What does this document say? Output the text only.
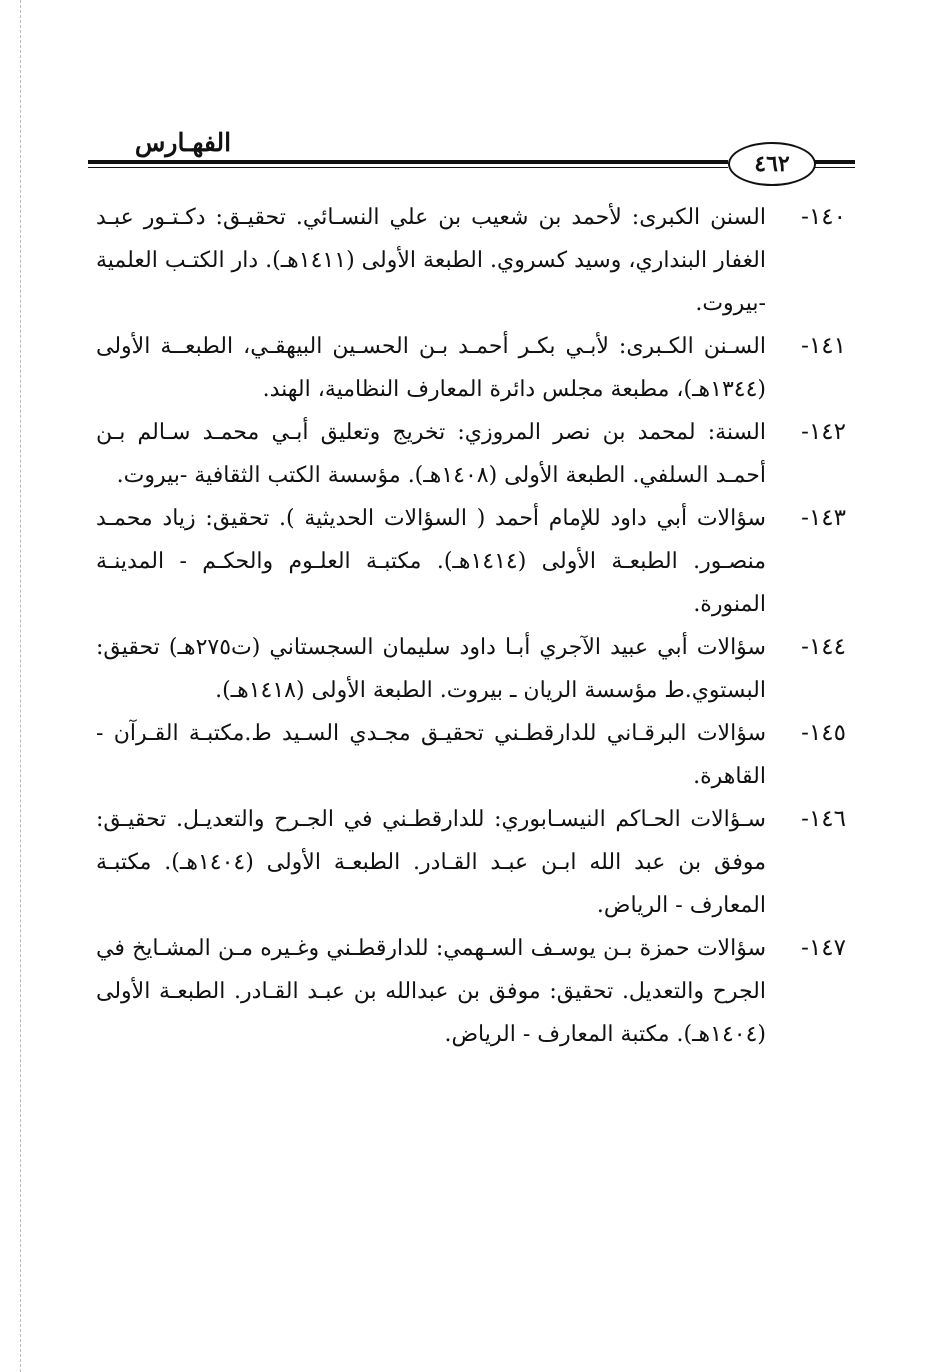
الفهـارس
٤٦٢
١٤٠-
السنن الكبرى: لأحمد بن شعيب بن علي النسـائي. تحقيـق: دكـتـور عبـد الغفار البنداري، وسيد كسروي. الطبعة الأولى (١٤١١هـ). دار الكتـب العلمية -بيروت.
١٤١-
السـنن الكـبرى: لأبـي بكـر أحمـد بـن الحسـين البيهقـي، الطبعــة الأولى (١٣٤٤هـ)، مطبعة مجلس دائرة المعارف النظامية، الهند.
١٤٢-
السنة: لمحمد بن نصر المروزي: تخريج وتعليق أبـي محمـد سـالم بـن أحمـد السلفي. الطبعة الأولى (١٤٠٨هـ). مؤسسة الكتب الثقافية -بيروت.
١٤٣-
سؤالات أبي داود للإمام أحمد ( السؤالات الحديثية ). تحقيق: زياد محمـد منصـور. الطبعـة الأولى (١٤١٤هـ). مكتبـة العلـوم والحكـم - المدينـة المنورة.
١٤٤-
سؤالات أبي عبيد الآجري أبـا داود سليمان السجستاني (ت٢٧٥هـ) تحقيق: البستوي.ط مؤسسة الريان ـ بيروت. الطبعة الأولى (١٤١٨هـ).
١٤٥-
سؤالات البرقـاني للدارقطـني تحقيـق مجـدي السـيد ط.مكتبـة القـرآن - القاهرة.
١٤٦-
سـؤالات الحـاكم النيسـابوري: للدارقطـني في الجـرح والتعديـل. تحقيـق: موفق بن عبد الله ابـن عبـد القـادر. الطبعـة الأولى (١٤٠٤هـ). مكتبـة المعارف - الرياض.
١٤٧-
سؤالات حمزة بـن يوسـف السـهمي: للدارقطـني وغـيره مـن المشـايخ في الجرح والتعديل. تحقيق: موفق بن عبدالله بن عبـد القـادر. الطبعـة الأولى (١٤٠٤هـ). مكتبة المعارف - الرياض.
